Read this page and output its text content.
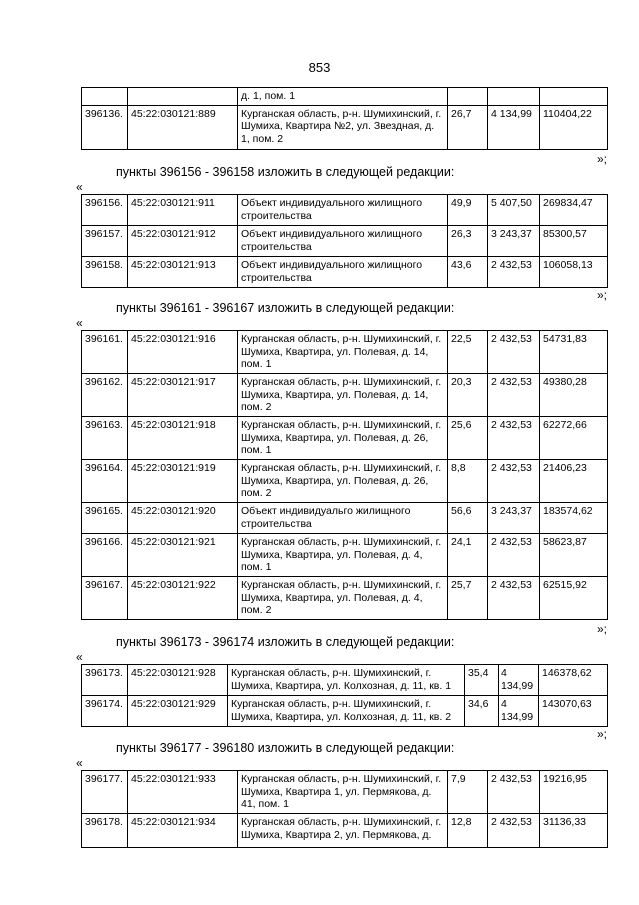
853
		д. 1, пом. 1			
396136.	45:22:030121:889	Курганская область, р-н. Шумихинский, г. Шумиха, Квартира №2, ул. Звездная, д. 1, пом. 2	26,7	4 134,99	110404,22
»;
пункты 396156 - 396158 изложить в следующей редакции:
«
396156.	45:22:030121:911	Объект индивидуального жилищного строительства	49,9	5 407,50	269834,47
396157.	45:22:030121:912	Объект индивидуального жилищного строительства	26,3	3 243,37	85300,57
396158.	45:22:030121:913	Объект индивидуального жилищного строительства	43,6	2 432,53	106058,13
»;
пункты 396161 - 396167 изложить в следующей редакции:
«
396161.	45:22:030121:916	Курганская область, р-н. Шумихинский, г. Шумиха, Квартира, ул. Полевая, д. 14, пом. 1	22,5	2 432,53	54731,83
396162.	45:22:030121:917	Курганская область, р-н. Шумихинский, г. Шумиха, Квартира, ул. Полевая, д. 14, пом. 2	20,3	2 432,53	49380,28
396163.	45:22:030121:918	Курганская область, р-н. Шумихинский, г. Шумиха, Квартира, ул. Полевая, д. 26, пом. 1	25,6	2 432,53	62272,66
396164.	45:22:030121:919	Курганская область, р-н. Шумихинский, г. Шумиха, Квартира, ул. Полевая, д. 26, пом. 2	8,8	2 432,53	21406,23
396165.	45:22:030121:920	Объект индивидуальго жилищного строительства	56,6	3 243,37	183574,62
396166.	45:22:030121:921	Курганская область, р-н. Шумихинский, г. Шумиха, Квартира, ул. Полевая, д. 4, пом. 1	24,1	2 432,53	58623,87
396167.	45:22:030121:922	Курганская область, р-н. Шумихинский, г. Шумиха, Квартира, ул. Полевая, д. 4, пом. 2	25,7	2 432,53	62515,92
»;
пункты 396173 - 396174 изложить в следующей редакции:
«
396173.	45:22:030121:928	Курганская область, р-н. Шумихинский, г. Шумиха, Квартира, ул. Колхозная, д. 11, кв. 1	35,4	4 134,99	146378,62
396174.	45:22:030121:929	Курганская область, р-н. Шумихинский, г. Шумиха, Квартира, ул. Колхозная, д. 11, кв. 2	34,6	4 134,99	143070,63
»;
пункты 396177 - 396180 изложить в следующей редакции:
«
396177.	45:22:030121:933	Курганская область, р-н. Шумихинский, г. Шумиха, Квартира 1, ул. Пермякова, д. 41, пом. 1	7,9	2 432,53	19216,95
396178.	45:22:030121:934	Курганская область, р-н. Шумихинский, г. Шумиха, Квартира 2, ул. Пермякова, д.	12,8	2 432,53	31136,33
